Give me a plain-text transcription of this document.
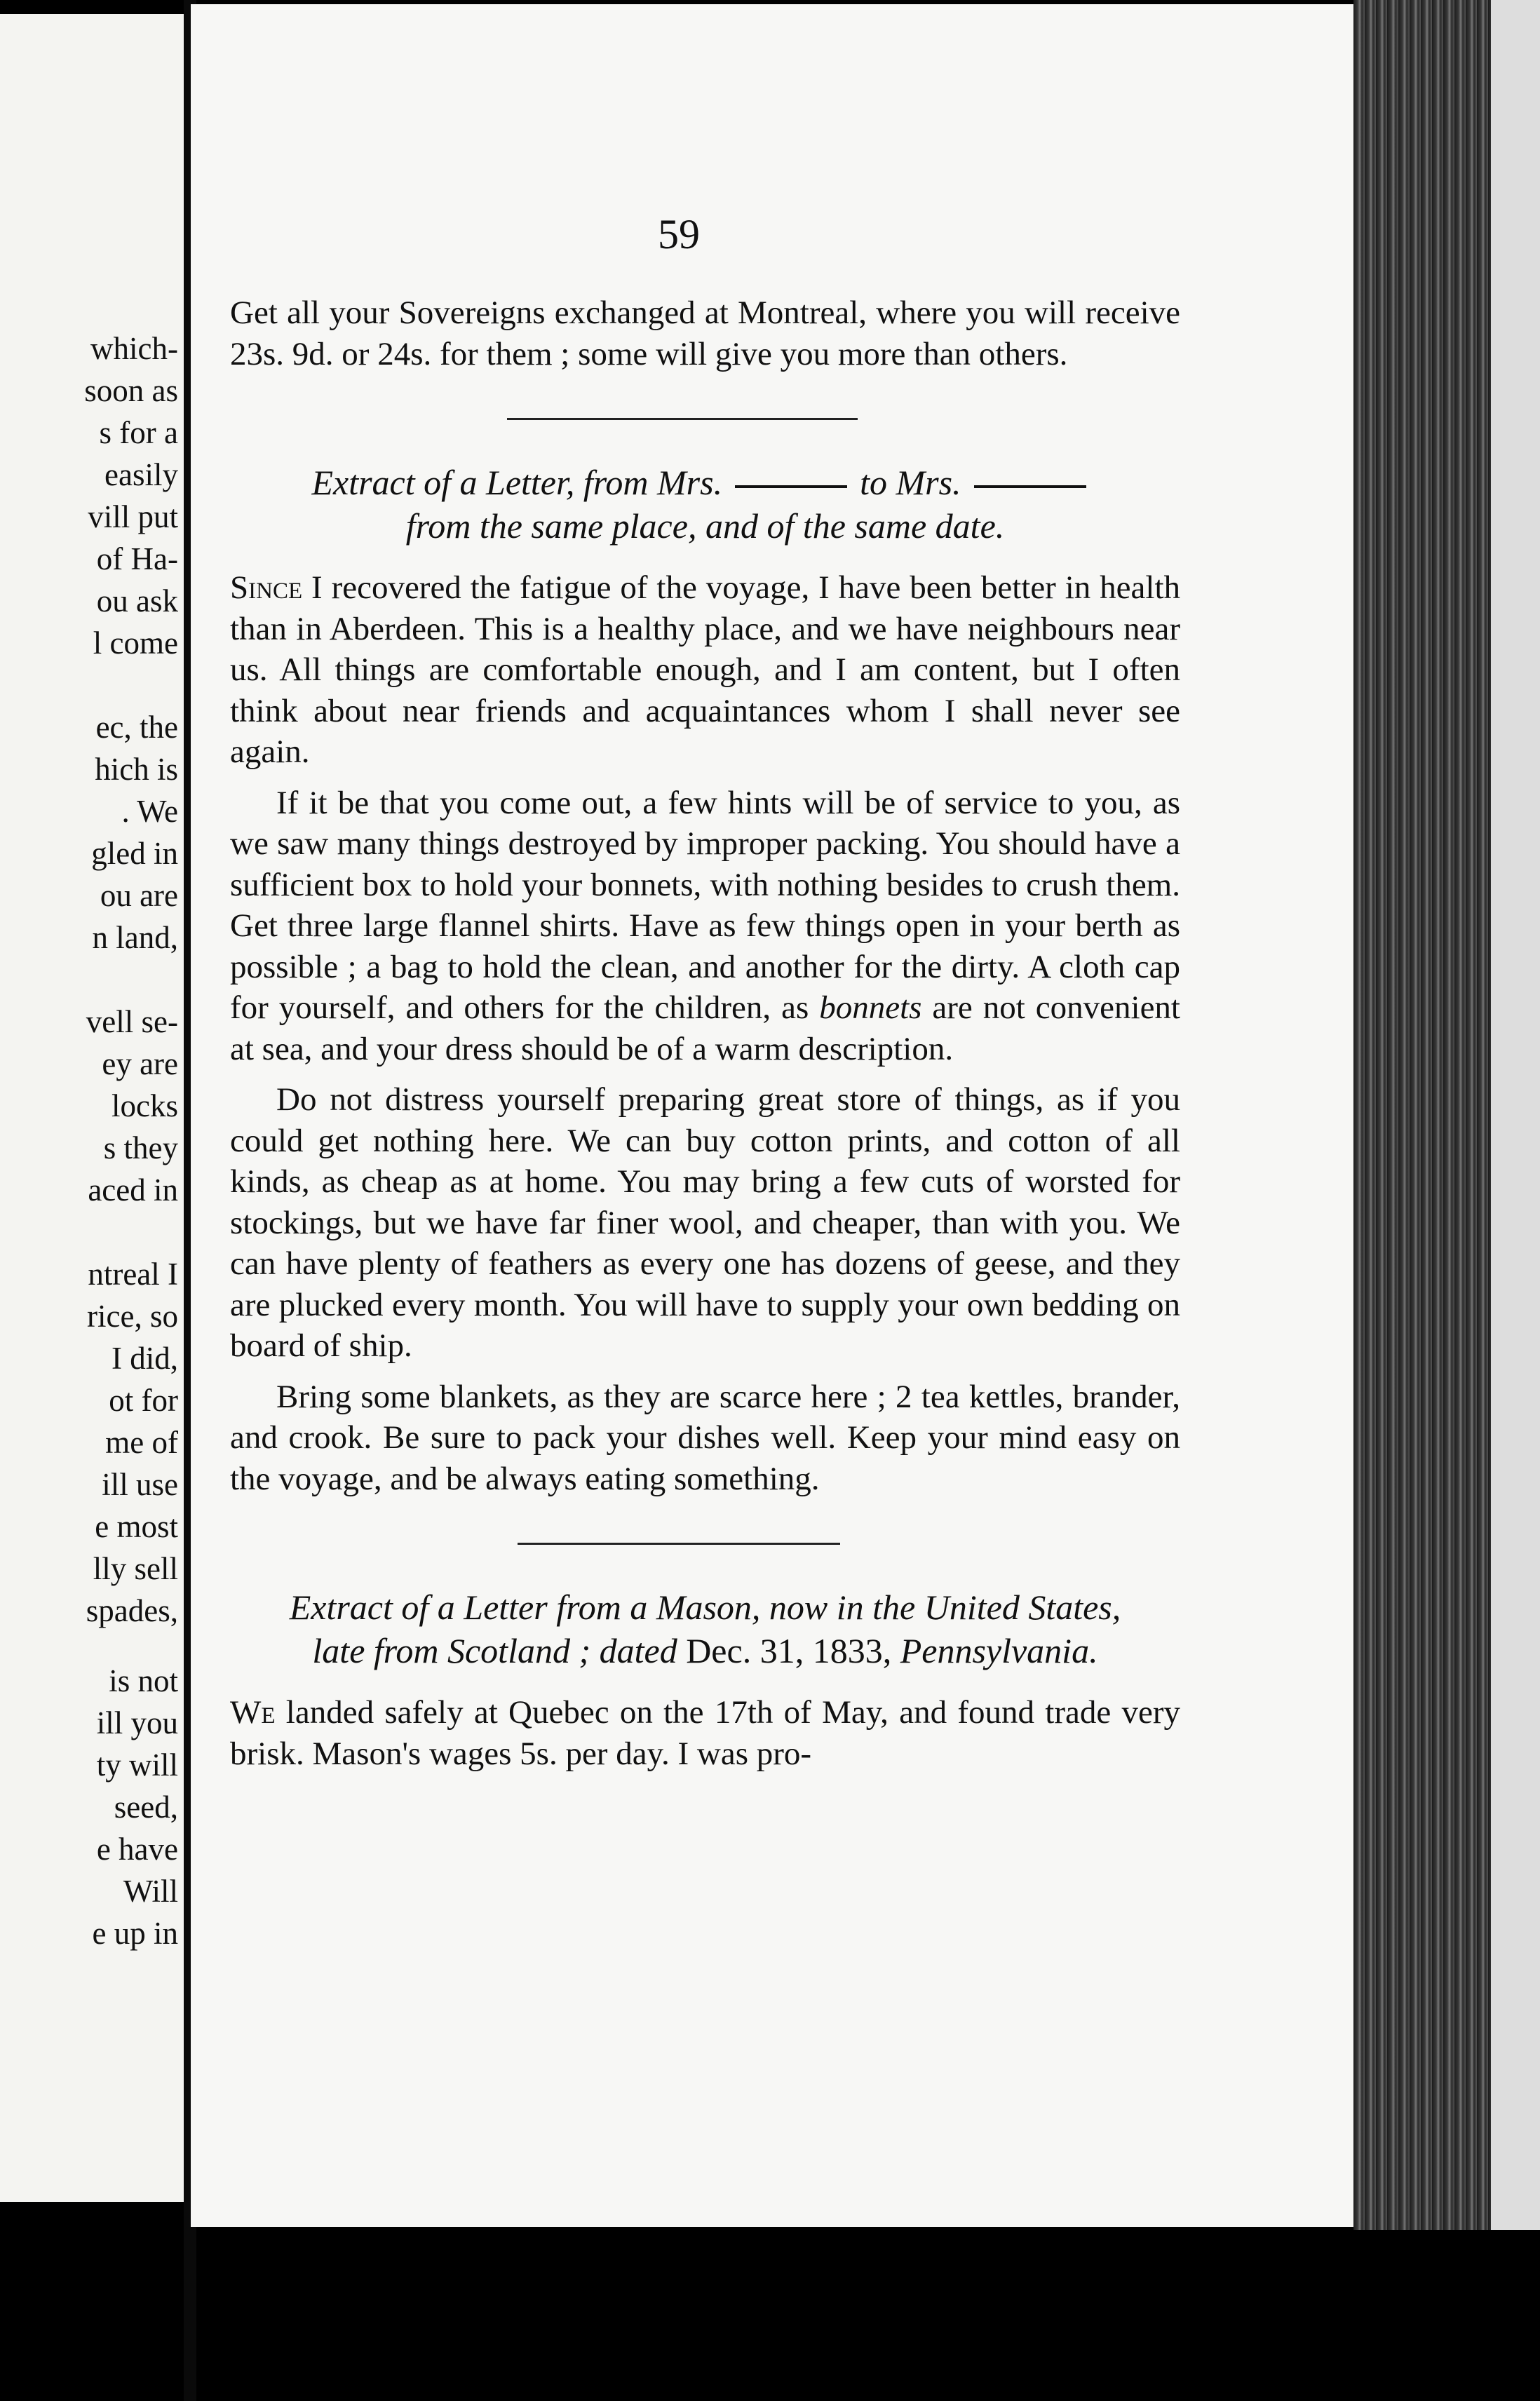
which-
soon as
s for a
easily
vill put
of Ha-
ou ask
l come
ec, the
hich is
. We
gled in
ou are
n land,
vell se-
ey are
locks
s they
aced in
ntreal I
rice, so
I did,
ot for
me of
ill use
e most
lly sell
spades,
is not
ill you
ty will
seed,
e have
Will
e up in
59

Get all your Sovereigns exchanged at Montreal, where you will receive 23s. 9d. or 24s. for them ; some will give you more than others.

Extract of a Letter, from Mrs.	to Mrs.
from the same place, and of the same date.

Since I recovered the fatigue of the voyage, I have been better in health than in Aberdeen. This is a healthy place, and we have neighbours near us. All things are comfortable enough, and I am content, but I often think about near friends and acquaintances whom I shall never see again.

If it be that you come out, a few hints will be of service to you, as we saw many things destroyed by improper packing. You should have a sufficient box to hold your bonnets, with nothing besides to crush them. Get three large flannel shirts. Have as few things open in your berth as possible ; a bag to hold the clean, and another for the dirty. A cloth cap for yourself, and others for the children, as bonnets are not convenient at sea, and your dress should be of a warm description.

Do not distress yourself preparing great store of things, as if you could get nothing here. We can buy cotton prints, and cotton of all kinds, as cheap as at home. You may bring a few cuts of worsted for stockings, but we have far finer wool, and cheaper, than with you. We can have plenty of feathers as every one has dozens of geese, and they are plucked every month. You will have to supply your own bedding on board of ship.

Bring some blankets, as they are scarce here ; 2 tea kettles, brander, and crook. Be sure to pack your dishes well. Keep your mind easy on the voyage, and be always eating something.

Extract of a Letter from a Mason, now in the United States,
late from Scotland ; dated Dec. 31, 1833, Pennsylvania.

We landed safely at Quebec on the 17th of May, and found trade very brisk. Mason's wages 5s. per day. I was pro-
